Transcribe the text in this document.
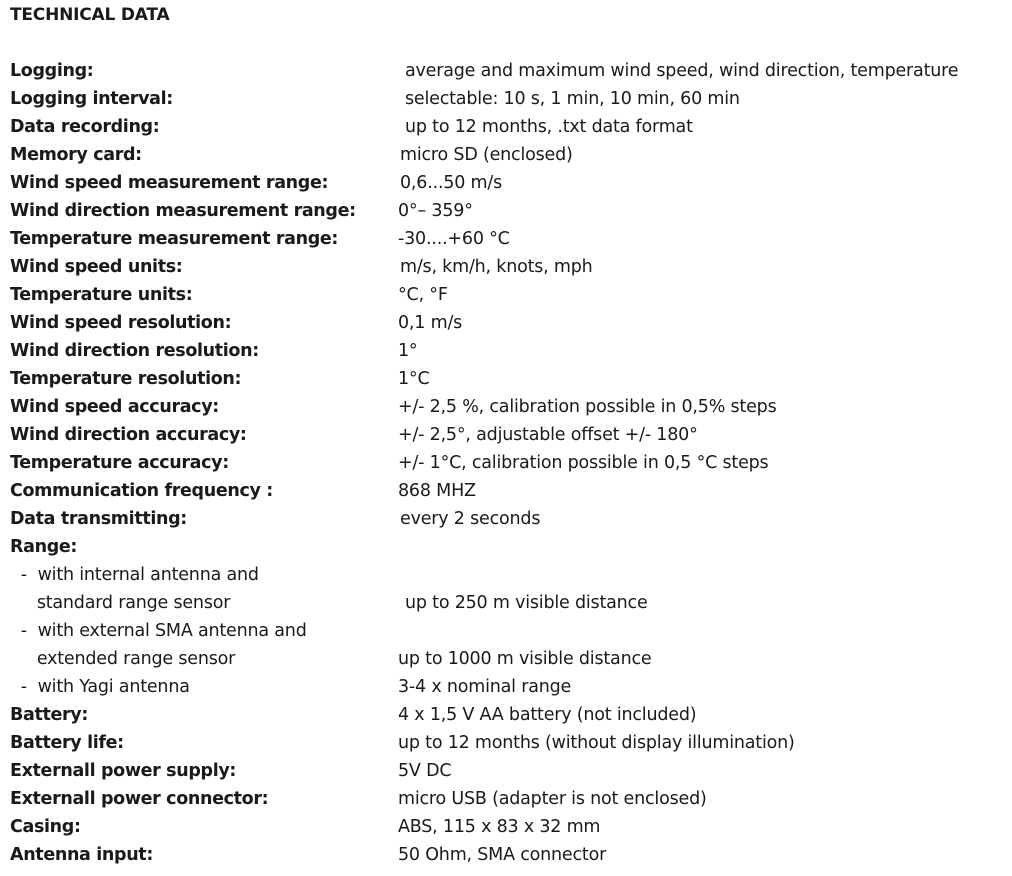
TECHNICAL DATA
Logging:	average and maximum wind speed, wind direction, temperature
Logging interval:	selectable: 10 s, 1 min, 10 min, 60 min
Data recording:	up to 12 months, .txt data format
Memory card:	micro SD (enclosed)
Wind speed measurement range:	0,6...50 m/s
Wind direction measurement range: 0°– 359°
Temperature measurement range:	-30....+60 °C
Wind speed units:	m/s, km/h, knots, mph
Temperature units:	°C, °F
Wind speed resolution:	0,1 m/s
Wind direction resolution:	1°
Temperature resolution:	1°C
Wind speed accuracy:	+/- 2,5 %, calibration possible in 0,5% steps
Wind direction accuracy:	+/- 2,5°, adjustable offset +/- 180°
Temperature accuracy:	+/- 1°C, calibration possible in 0,5 °C steps
Communication frequency :	868 MHZ
Data transmitting:	every 2 seconds
Range:
-  with internal antenna and
standard range sensor	up to 250 m visible distance
-  with external SMA antenna and
extended range sensor	up to 1000 m visible distance
-  with Yagi antenna	3-4 x nominal range
Battery:	4 x 1,5 V AA battery (not included)
Battery life:	up to 12 months (without display illumination)
Externall power supply:	5V DC
Externall power connector:	micro USB (adapter is not enclosed)
Casing:	ABS, 115 x 83 x 32 mm
Antenna input:	50 Ohm, SMA connector
